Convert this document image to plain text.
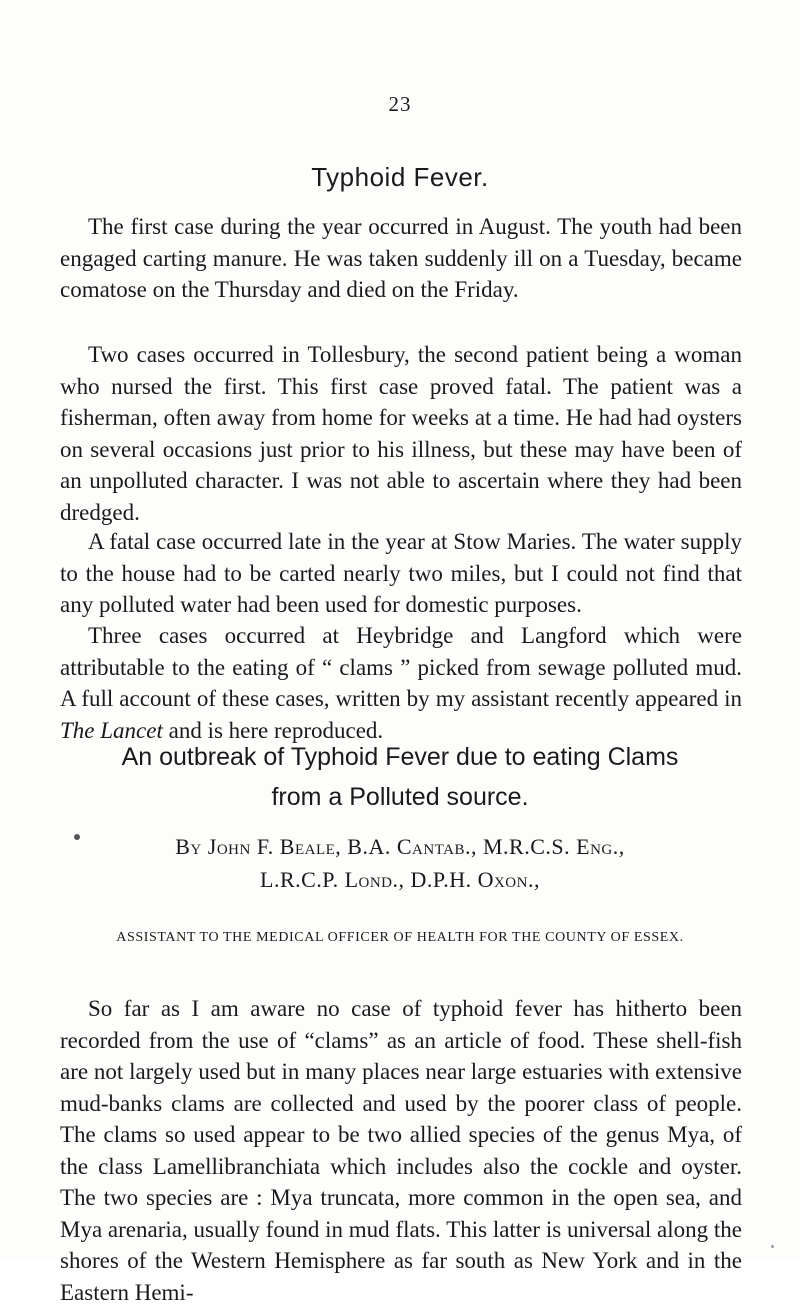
23
Typhoid Fever.

The first case during the year occurred in August. The youth had been engaged carting manure. He was taken suddenly ill on a Tuesday, became comatose on the Thursday and died on the Friday.

Two cases occurred in Tollesbury, the second patient being a woman who nursed the first. This first case proved fatal. The patient was a fisherman, often away from home for weeks at a time. He had had oysters on several occasions just prior to his illness, but these may have been of an unpolluted character. I was not able to ascertain where they had been dredged.

A fatal case occurred late in the year at Stow Maries. The water supply to the house had to be carted nearly two miles, but I could not find that any polluted water had been used for domestic purposes.

Three cases occurred at Heybridge and Langford which were attributable to the eating of “ clams ” picked from sewage polluted mud. A full account of these cases, written by my assistant recently appeared in The Lancet and is here reproduced.

An outbreak of Typhoid Fever due to eating Clams
from a Polluted source.
By John F. Beale, B.A. Cantab., M.R.C.S. Eng.,
L.R.C.P. Lond., D.P.H. Oxon.,
ASSISTANT TO THE MEDICAL OFFICER OF HEALTH FOR THE COUNTY OF ESSEX.

So far as I am aware no case of typhoid fever has hitherto been recorded from the use of “clams” as an article of food. These shell-fish are not largely used but in many places near large estuaries with extensive mud-banks clams are collected and used by the poorer class of people. The clams so used appear to be two allied species of the genus Mya, of the class Lamellibranchiata which includes also the cockle and oyster. The two species are : Mya truncata, more common in the open sea, and Mya arenaria, usually found in mud flats. This latter is universal along the shores of the Western Hemisphere as far south as New York and in the Eastern Hemi-
